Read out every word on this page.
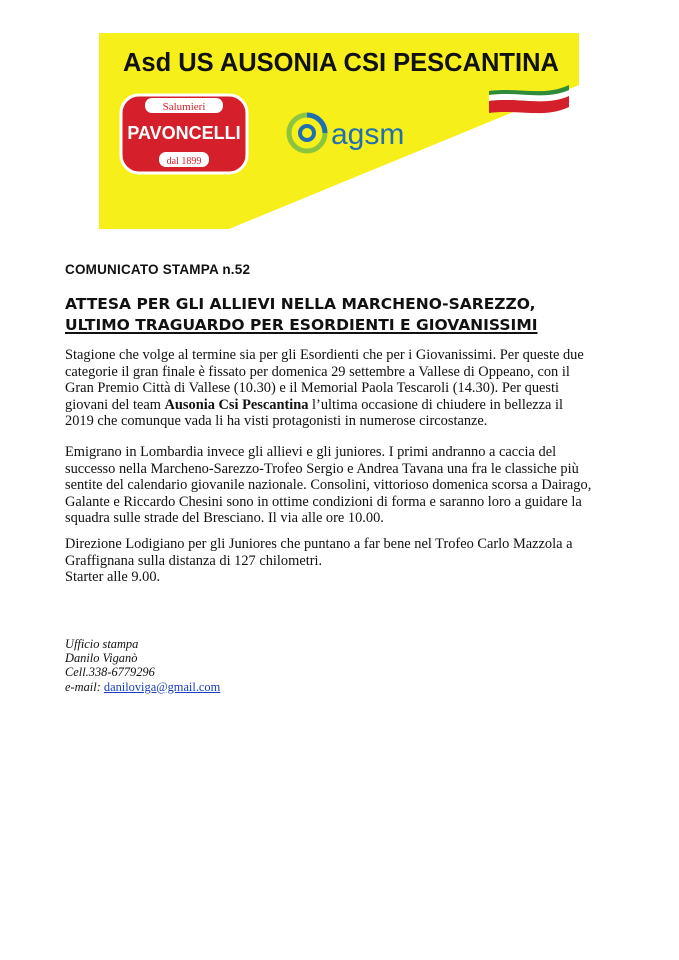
Asd US AUSONIA CSI PESCANTINA
Salumieri
PAVONCELLI
dal 1899
agsm
COMUNICATO STAMPA n.52
ATTESA PER GLI ALLIEVI NELLA MARCHENO-SAREZZO,
ULTIMO TRAGUARDO PER ESORDIENTI E GIOVANISSIMI
Stagione che volge al termine sia per gli Esordienti che per i Giovanissimi. Per queste due
categorie il gran finale è fissato per domenica 29 settembre a Vallese di Oppeano, con il
Gran Premio Città di Vallese (10.30) e il Memorial Paola Tescaroli (14.30). Per questi
giovani del team Ausonia Csi Pescantina l’ultima occasione di chiudere in bellezza il
2019 che comunque vada li ha visti protagonisti in numerose circostanze.
Emigrano in Lombardia invece gli allievi e gli juniores. I primi andranno a caccia del
successo nella Marcheno-Sarezzo-Trofeo Sergio e Andrea Tavana una fra le classiche più
sentite del calendario giovanile nazionale. Consolini, vittorioso domenica scorsa a Dairago,
Galante e Riccardo Chesini sono in ottime condizioni di forma e saranno loro a guidare la
squadra sulle strade del Bresciano. Il via alle ore 10.00.
Direzione Lodigiano per gli Juniores che puntano a far bene nel Trofeo Carlo Mazzola a
Graffignana sulla distanza di 127 chilometri.
Starter alle 9.00.
Ufficio stampa
Danilo Viganò
Cell.338-6779296
e-mail: daniloviga@gmail.com
